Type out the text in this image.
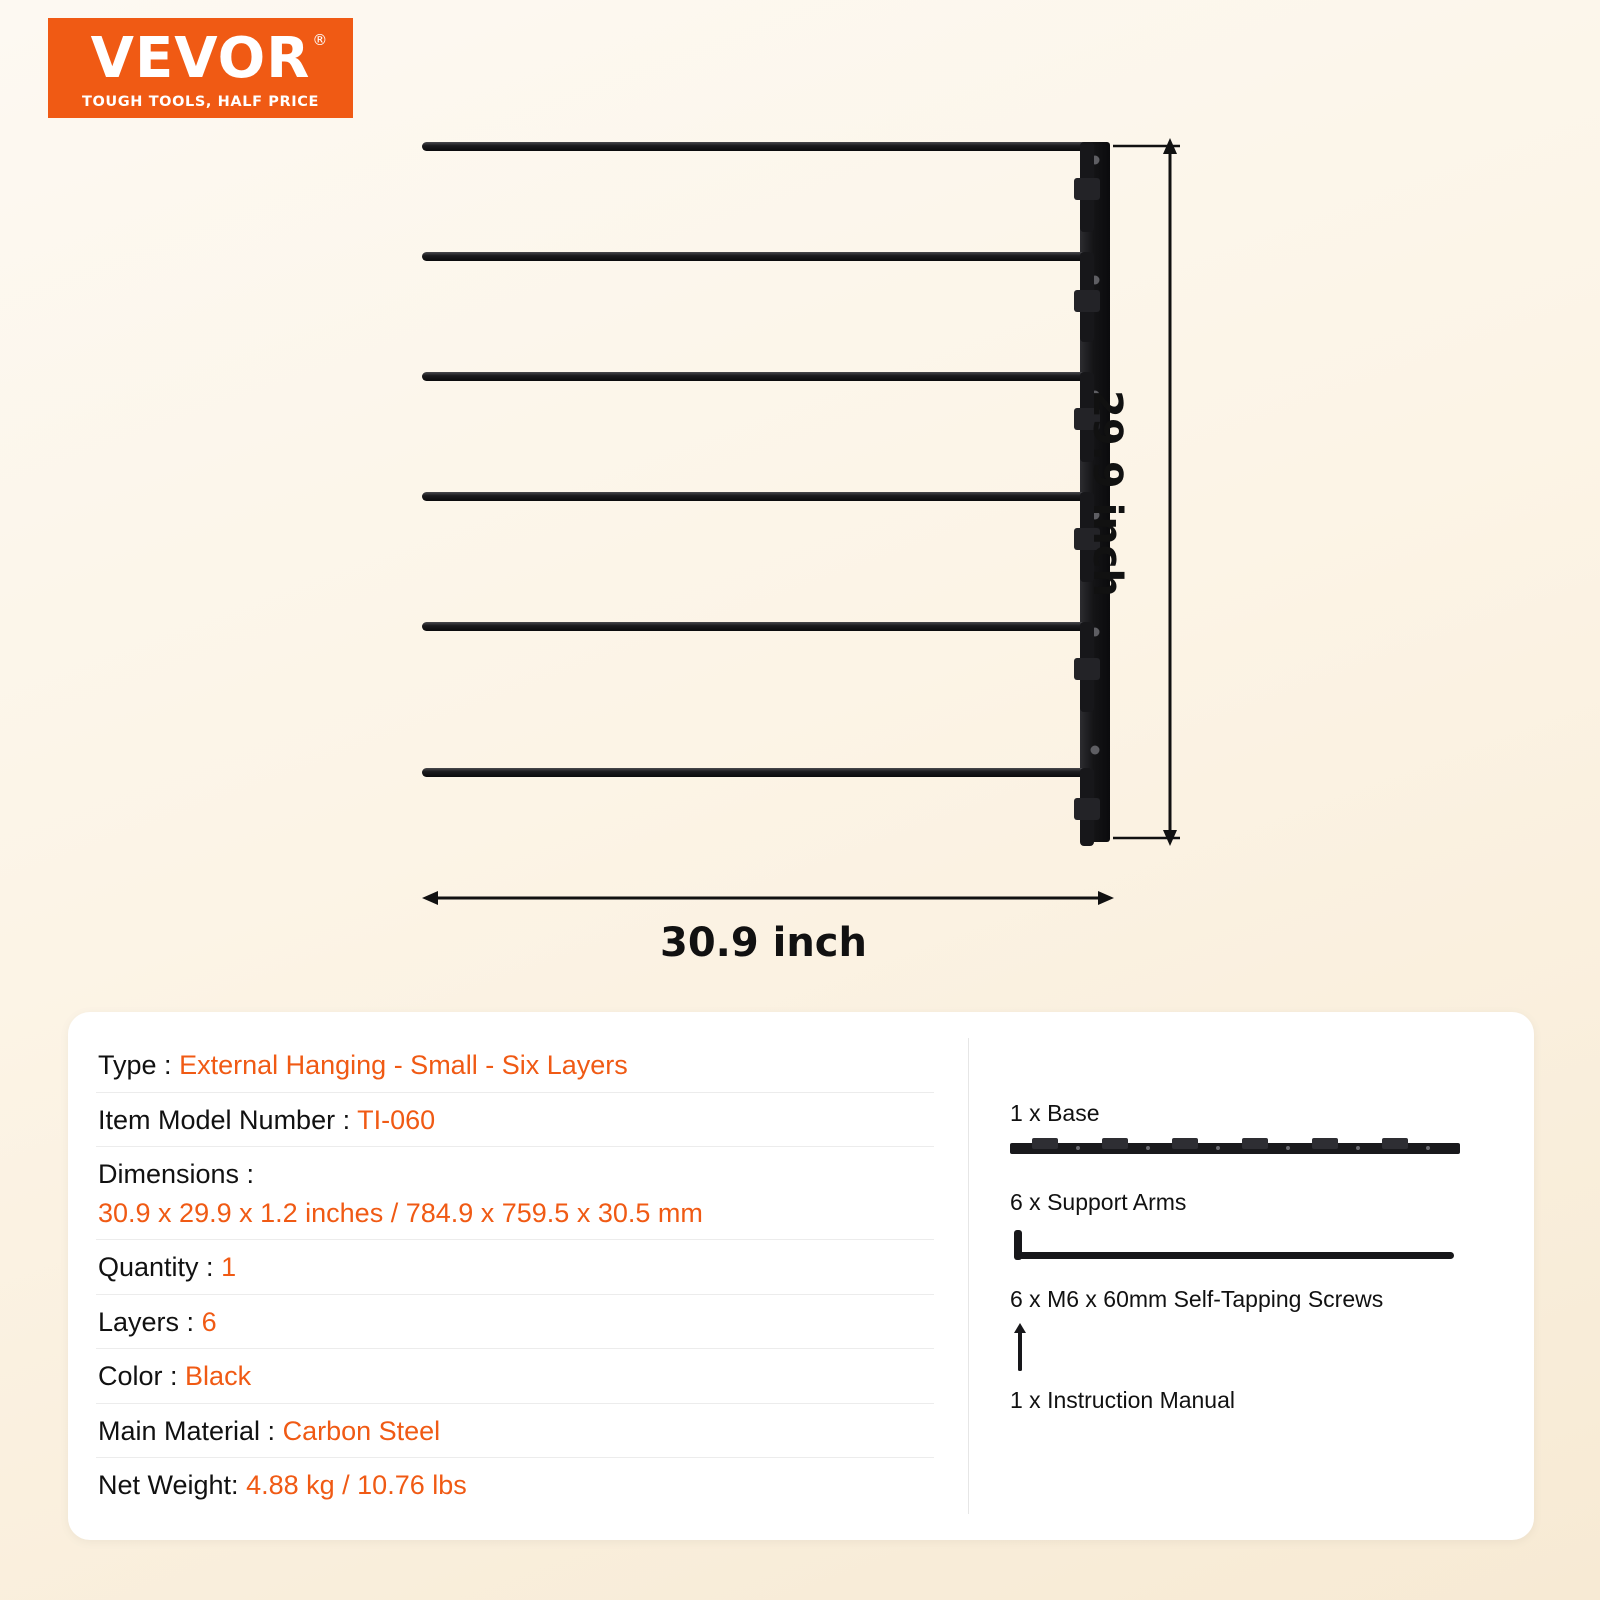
VEVOR ®
TOUGH TOOLS, HALF PRICE
29.9 inch
30.9 inch
Type : External Hanging - Small - Six Layers
Item Model Number : TI-060
Dimensions :
30.9 x 29.9 x 1.2 inches / 784.9 x 759.5 x 30.5 mm
Quantity : 1
Layers : 6
Color : Black
Main Material : Carbon Steel
Net Weight: 4.88 kg / 10.76 lbs
1 x Base
6 x Support Arms
6 x M6 x 60mm Self-Tapping Screws
1 x Instruction Manual
